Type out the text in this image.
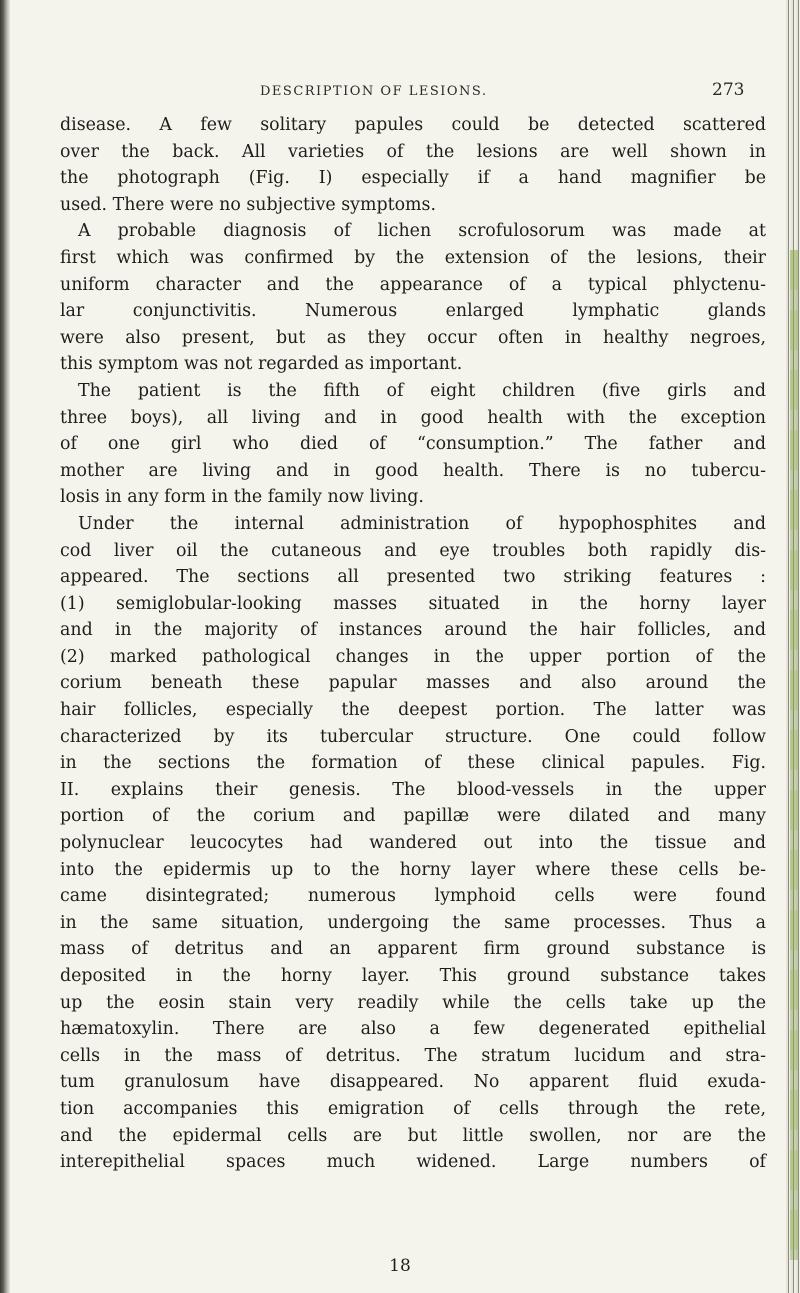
DESCRIPTION OF LESIONS.	273
disease. A few solitary papules could be detected scattered
over the back. All varieties of the lesions are well shown in
the photograph (Fig. I) especially if a hand magnifier be
used. There were no subjective symptoms.
A probable diagnosis of lichen scrofulosorum was made at
first which was confirmed by the extension of the lesions, their
uniform character and the appearance of a typical phlyctenu-
lar conjunctivitis. Numerous enlarged lymphatic glands
were also present, but as they occur often in healthy negroes,
this symptom was not regarded as important.
The patient is the fifth of eight children (five girls and
three boys), all living and in good health with the exception
of one girl who died of “consumption.” The father and
mother are living and in good health. There is no tubercu-
losis in any form in the family now living.
Under the internal administration of hypophosphites and
cod liver oil the cutaneous and eye troubles both rapidly dis-
appeared. The sections all presented two striking features :
(1) semiglobular-looking masses situated in the horny layer
and in the majority of instances around the hair follicles, and
(2) marked pathological changes in the upper portion of the
corium beneath these papular masses and also around the
hair follicles, especially the deepest portion. The latter was
characterized by its tubercular structure. One could follow
in the sections the formation of these clinical papules. Fig.
II. explains their genesis. The blood-vessels in the upper
portion of the corium and papillæ were dilated and many
polynuclear leucocytes had wandered out into the tissue and
into the epidermis up to the horny layer where these cells be-
came disintegrated; numerous lymphoid cells were found
in the same situation, undergoing the same processes. Thus a
mass of detritus and an apparent firm ground substance is
deposited in the horny layer. This ground substance takes
up the eosin stain very readily while the cells take up the
hæmatoxylin. There are also a few degenerated epithelial
cells in the mass of detritus. The stratum lucidum and stra-
tum granulosum have disappeared. No apparent fluid exuda-
tion accompanies this emigration of cells through the rete,
and the epidermal cells are but little swollen, nor are the
interepithelial spaces much widened. Large numbers of
18
